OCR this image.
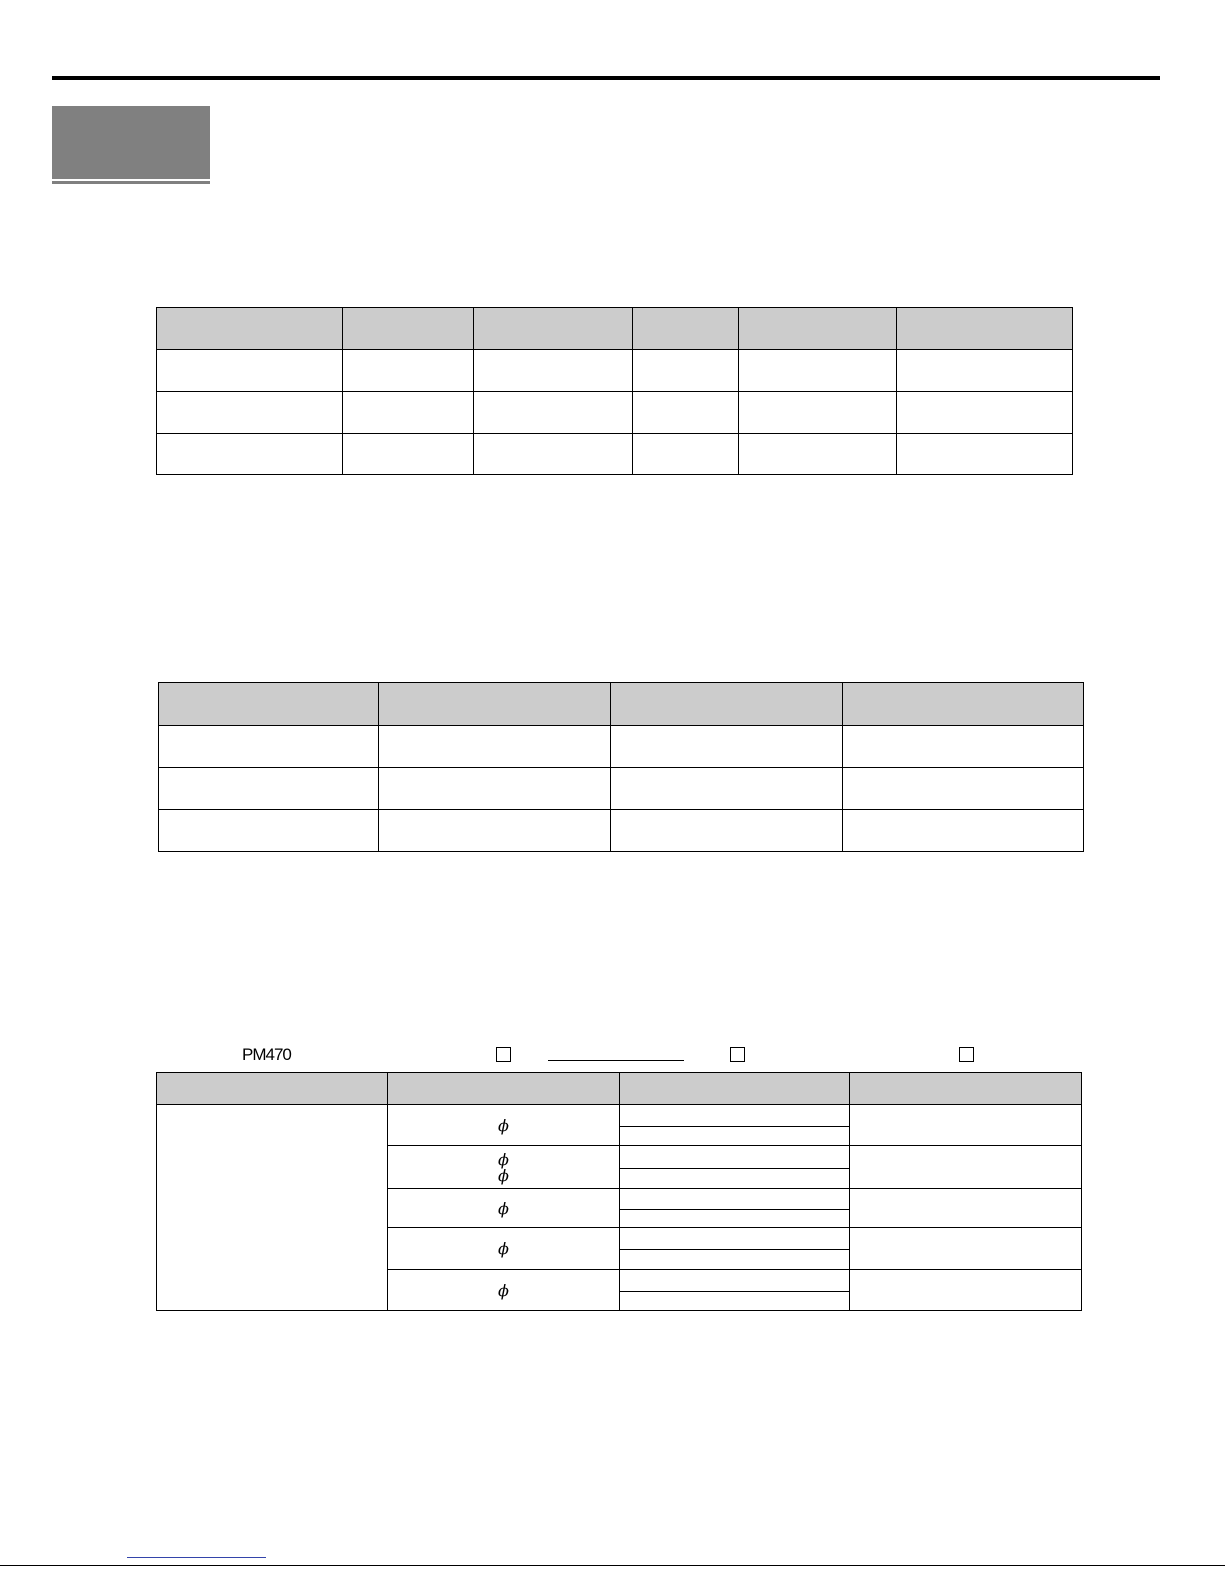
PM470

	ϕ		

	ϕ
ϕ		

	ϕ		

	ϕ		

	ϕ		
